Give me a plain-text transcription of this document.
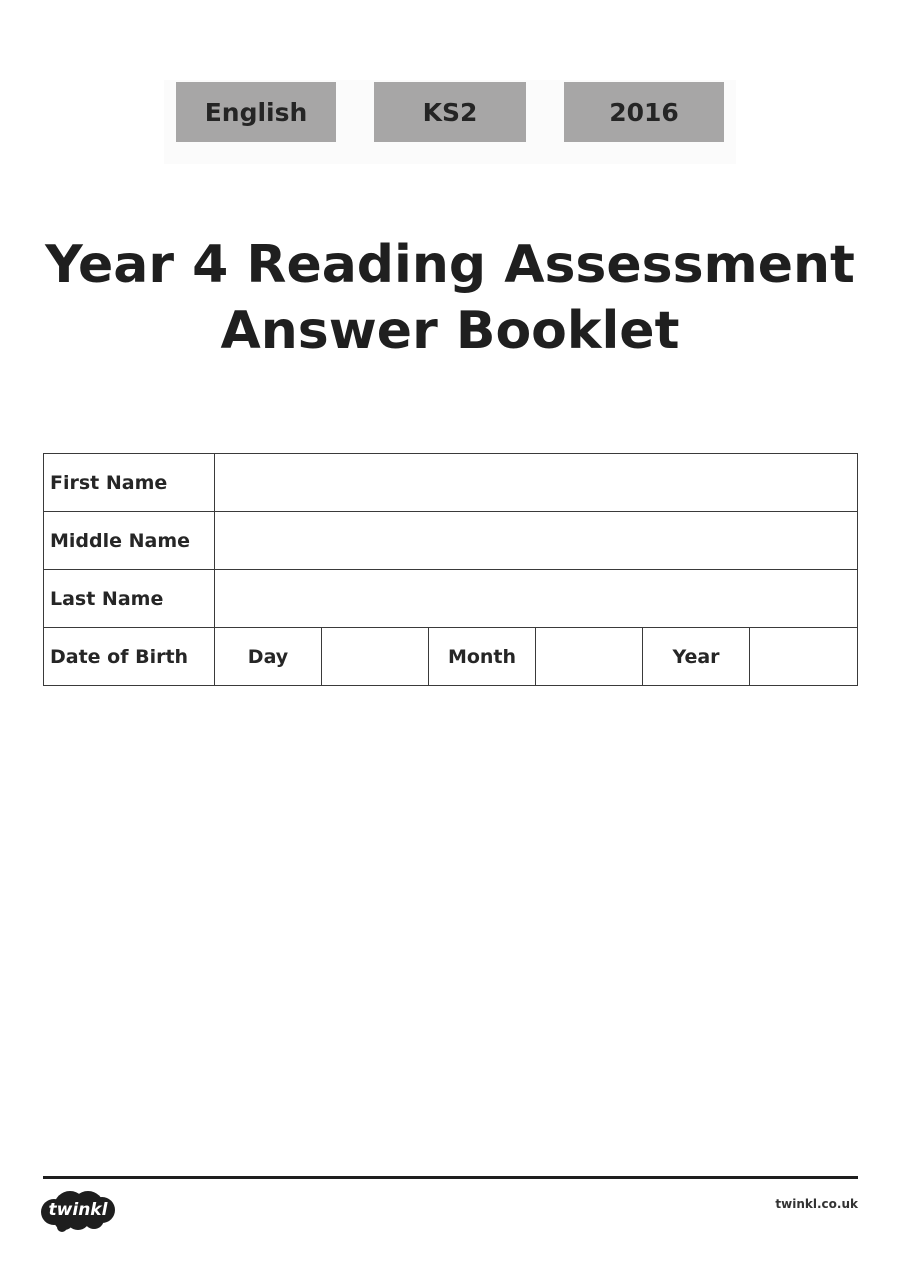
English	KS2	2016
Year 4 Reading Assessment
Answer Booklet
First Name						
Middle Name						
Last Name						
Date of Birth	Day		Month		Year	
twinkl	twinkl.co.uk
